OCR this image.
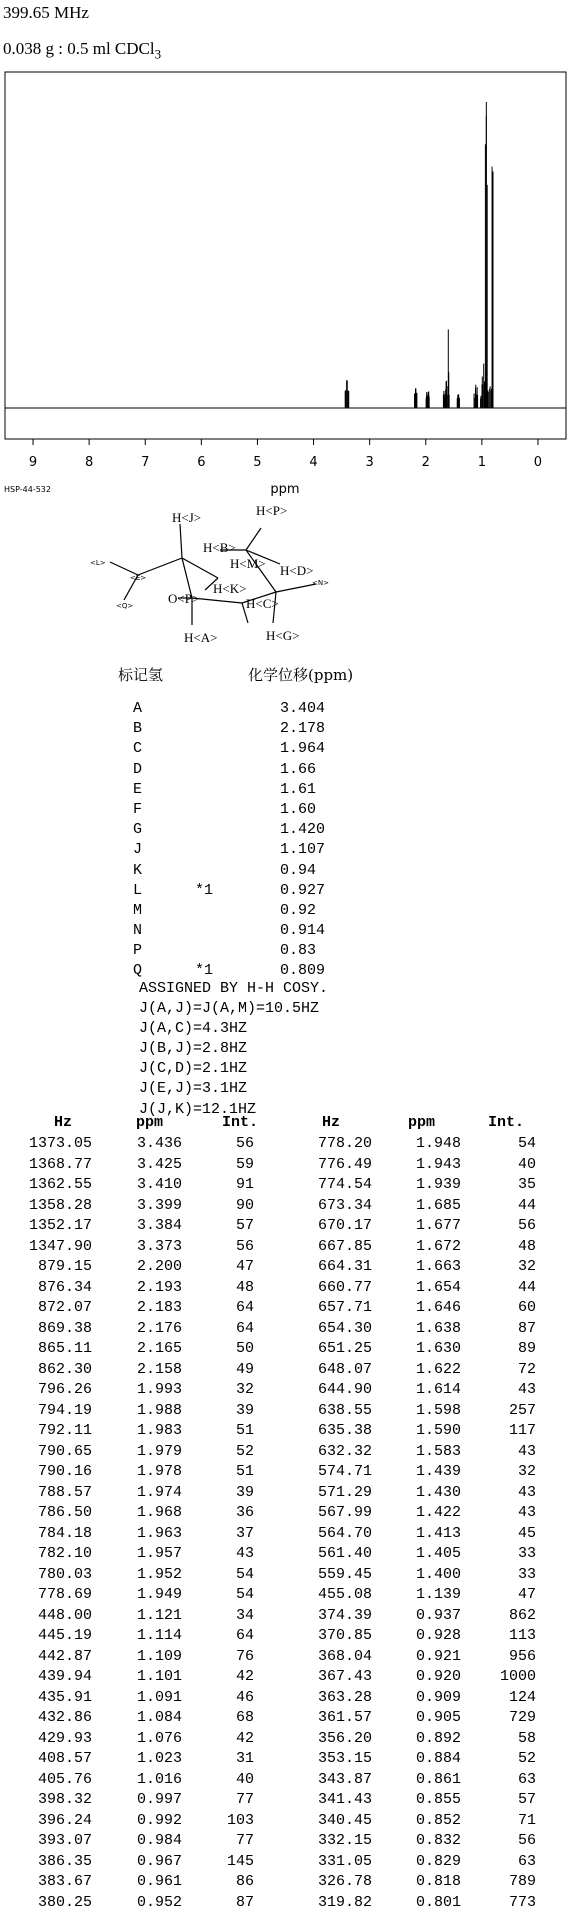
399.65 MHz
0.038 g : 0.5 ml CDCl$_3$
9	8	7	6	5	4	3	2	1	0
ppm
HSP-44-532
H<J>
H<B>
H<M>
H<P>
H<D>
H<K>
H<C>
H<A>	H<G>
O<P>
<L>
<E>
<Q>
<N>
标记氢	化学位移(ppm)
A	3.404
B	2.178
C	1.964
D	1.66
E	1.61
F	1.60
G	1.420
J	1.107
K	0.94
L	*1	0.927
M	0.92
N	0.914
P	0.83
Q	*1	0.809
ASSIGNED BY H-H COSY.
J(A,J)=J(A,M)=10.5HZ
J(A,C)=4.3HZ
J(B,J)=2.8HZ
J(C,D)=2.1HZ
J(E,J)=3.1HZ
J(J,K)=12.1HZ
Hz	ppm	Int.	Hz	ppm	Int.
1373.05	3.436	56	778.20	1.948	54
1368.77	3.425	59	776.49	1.943	40
1362.55	3.410	91	774.54	1.939	35
1358.28	3.399	90	673.34	1.685	44
1352.17	3.384	57	670.17	1.677	56
1347.90	3.373	56	667.85	1.672	48
879.15	2.200	47	664.31	1.663	32
876.34	2.193	48	660.77	1.654	44
872.07	2.183	64	657.71	1.646	60
869.38	2.176	64	654.30	1.638	87
865.11	2.165	50	651.25	1.630	89
862.30	2.158	49	648.07	1.622	72
796.26	1.993	32	644.90	1.614	43
794.19	1.988	39	638.55	1.598	257
792.11	1.983	51	635.38	1.590	117
790.65	1.979	52	632.32	1.583	43
790.16	1.978	51	574.71	1.439	32
788.57	1.974	39	571.29	1.430	43
786.50	1.968	36	567.99	1.422	43
784.18	1.963	37	564.70	1.413	45
782.10	1.957	43	561.40	1.405	33
780.03	1.952	54	559.45	1.400	33
778.69	1.949	54	455.08	1.139	47
448.00	1.121	34	374.39	0.937	862
445.19	1.114	64	370.85	0.928	113
442.87	1.109	76	368.04	0.921	956
439.94	1.101	42	367.43	0.920	1000
435.91	1.091	46	363.28	0.909	124
432.86	1.084	68	361.57	0.905	729
429.93	1.076	42	356.20	0.892	58
408.57	1.023	31	353.15	0.884	52
405.76	1.016	40	343.87	0.861	63
398.32	0.997	77	341.43	0.855	57
396.24	0.992	103	340.45	0.852	71
393.07	0.984	77	332.15	0.832	56
386.35	0.967	145	331.05	0.829	63
383.67	0.961	86	326.78	0.818	789
380.25	0.952	87	319.82	0.801	773
